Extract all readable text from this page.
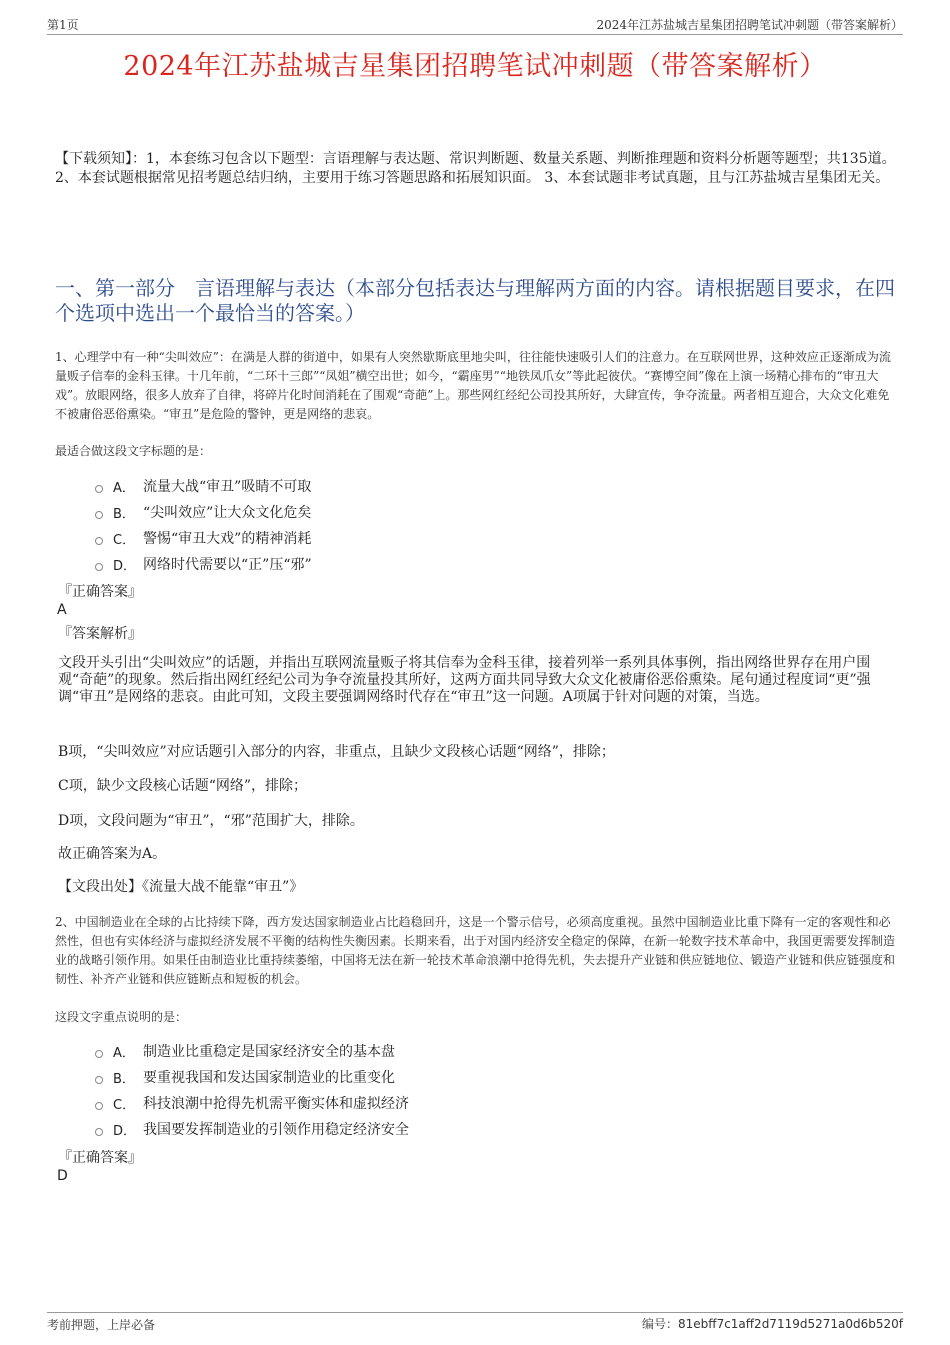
第1页	2024年江苏盐城吉星集团招聘笔试冲刺题（带答案解析）
2024年江苏盐城吉星集团招聘笔试冲刺题（带答案解析）
【下载须知】：1，本套练习包含以下题型：言语理解与表达题、常识判断题、数量关系题、判断推理题和资料分析题等题型；共135道。 2、本套试题根据常见招考题总结归纳，主要用于练习答题思路和拓展知识面。 3、本套试题非考试真题，且与江苏盐城吉星集团无关。
一、第一部分　言语理解与表达（本部分包括表达与理解两方面的内容。请根据题目要求，在四个选项中选出一个最恰当的答案。）
1、心理学中有一种“尖叫效应”：在满是人群的街道中，如果有人突然歇斯底里地尖叫，往往能快速吸引人们的注意力。在互联网世界，这种效应正逐渐成为流量贩子信奉的金科玉律。十几年前，“二环十三郎”“凤姐”横空出世；如今，“霸座男”“地铁凤爪女”等此起彼伏。“赛博空间”像在上演一场精心排布的“审丑大戏”。放眼网络，很多人放弃了自律，将碎片化时间消耗在了围观“奇葩”上。那些网红经纪公司投其所好，大肆宣传，争夺流量。两者相互迎合，大众文化难免不被庸俗恶俗熏染。“审丑”是危险的警钟，更是网络的悲哀。
最适合做这段文字标题的是：
A． 流量大战“审丑”吸睛不可取
B． “尖叫效应”让大众文化危矣
C． 警惕“审丑大戏”的精神消耗
D． 网络时代需要以“正”压“邪”
『正确答案』
A
『答案解析』
文段开头引出“尖叫效应”的话题，并指出互联网流量贩子将其信奉为金科玉律，接着列举一系列具体事例，指出网络世界存在用户围观“奇葩”的现象。然后指出网红经纪公司为争夺流量投其所好，这两方面共同导致大众文化被庸俗恶俗熏染。尾句通过程度词“更”强调“审丑”是网络的悲哀。由此可知，文段主要强调网络时代存在“审丑”这一问题。A项属于针对问题的对策，当选。
B项，“尖叫效应”对应话题引入部分的内容，非重点，且缺少文段核心话题“网络”，排除；
C项，缺少文段核心话题“网络”，排除；
D项，文段问题为“审丑”，“邪”范围扩大，排除。
故正确答案为A。
【文段出处】《流量大战不能靠“审丑”》
2、中国制造业在全球的占比持续下降，西方发达国家制造业占比趋稳回升，这是一个警示信号，必须高度重视。虽然中国制造业比重下降有一定的客观性和必然性，但也有实体经济与虚拟经济发展不平衡的结构性失衡因素。长期来看，出于对国内经济安全稳定的保障，在新一轮数字技术革命中，我国更需要发挥制造业的战略引领作用。如果任由制造业比重持续萎缩，中国将无法在新一轮技术革命浪潮中抢得先机，失去提升产业链和供应链地位、锻造产业链和供应链强度和韧性、补齐产业链和供应链断点和短板的机会。
这段文字重点说明的是：
A． 制造业比重稳定是国家经济安全的基本盘
B． 要重视我国和发达国家制造业的比重变化
C． 科技浪潮中抢得先机需平衡实体和虚拟经济
D． 我国要发挥制造业的引领作用稳定经济安全
『正确答案』
D
考前押题，上岸必备	编号：81ebff7c1aff2d7119d5271a0d6b520f
